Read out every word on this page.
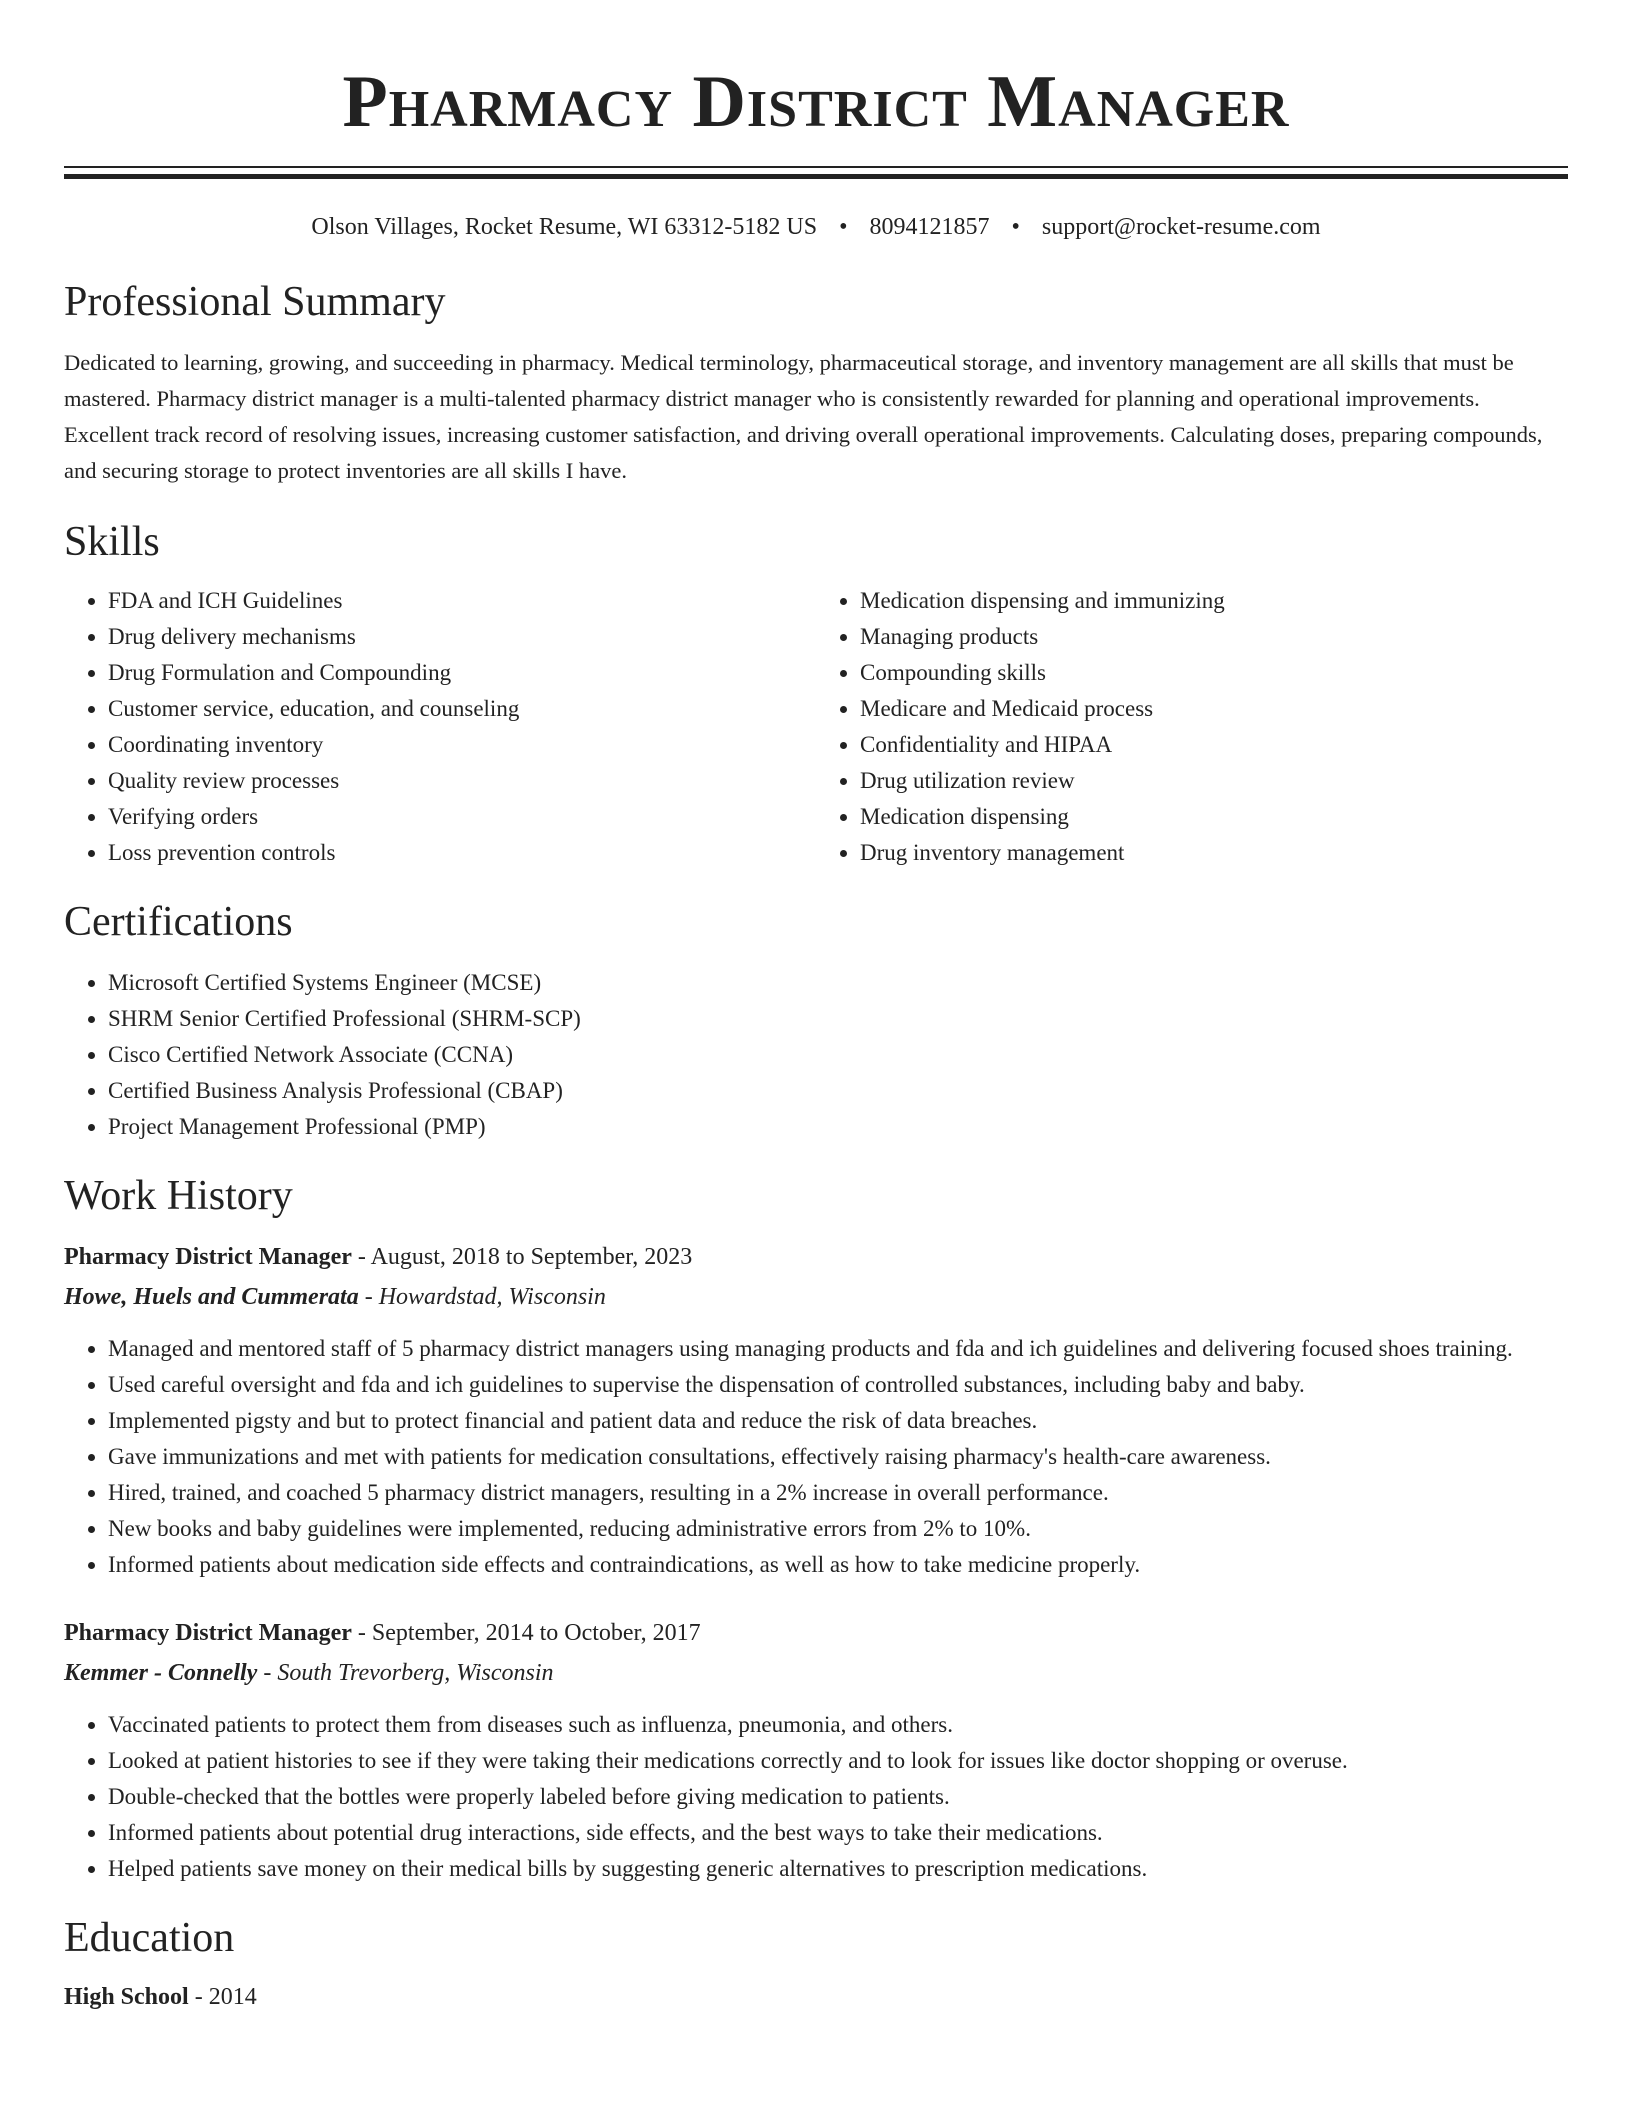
Pharmacy District Manager
Olson Villages, Rocket Resume, WI 63312-5182 US • 8094121857 • support@rocket-resume.com
Professional Summary

Dedicated to learning, growing, and succeeding in pharmacy. Medical terminology, pharmaceutical storage, and inventory management are all skills that must be mastered. Pharmacy district manager is a multi-talented pharmacy district manager who is consistently rewarded for planning and operational improvements. Excellent track record of resolving issues, increasing customer satisfaction, and driving overall operational improvements. Calculating doses, preparing compounds, and securing storage to protect inventories are all skills I have.

Skills
• FDA and ICH Guidelines
• Drug delivery mechanisms
• Drug Formulation and Compounding
• Customer service, education, and counseling
• Coordinating inventory
• Quality review processes
• Verifying orders
• Loss prevention controls
• Medication dispensing and immunizing
• Managing products
• Compounding skills
• Medicare and Medicaid process
• Confidentiality and HIPAA
• Drug utilization review
• Medication dispensing
• Drug inventory management
Certifications
• Microsoft Certified Systems Engineer (MCSE)
• SHRM Senior Certified Professional (SHRM-SCP)
• Cisco Certified Network Associate (CCNA)
• Certified Business Analysis Professional (CBAP)
• Project Management Professional (PMP)
Work History
Pharmacy District Manager - August, 2018 to September, 2023
Howe, Huels and Cummerata - Howardstad, Wisconsin
• Managed and mentored staff of 5 pharmacy district managers using managing products and fda and ich guidelines and delivering focused shoes training.
• Used careful oversight and fda and ich guidelines to supervise the dispensation of controlled substances, including baby and baby.
• Implemented pigsty and but to protect financial and patient data and reduce the risk of data breaches.
• Gave immunizations and met with patients for medication consultations, effectively raising pharmacy's health-care awareness.
• Hired, trained, and coached 5 pharmacy district managers, resulting in a 2% increase in overall performance.
• New books and baby guidelines were implemented, reducing administrative errors from 2% to 10%.
• Informed patients about medication side effects and contraindications, as well as how to take medicine properly.
Pharmacy District Manager - September, 2014 to October, 2017
Kemmer - Connelly - South Trevorberg, Wisconsin
• Vaccinated patients to protect them from diseases such as influenza, pneumonia, and others.
• Looked at patient histories to see if they were taking their medications correctly and to look for issues like doctor shopping or overuse.
• Double-checked that the bottles were properly labeled before giving medication to patients.
• Informed patients about potential drug interactions, side effects, and the best ways to take their medications.
• Helped patients save money on their medical bills by suggesting generic alternatives to prescription medications.
Education
High School - 2014
